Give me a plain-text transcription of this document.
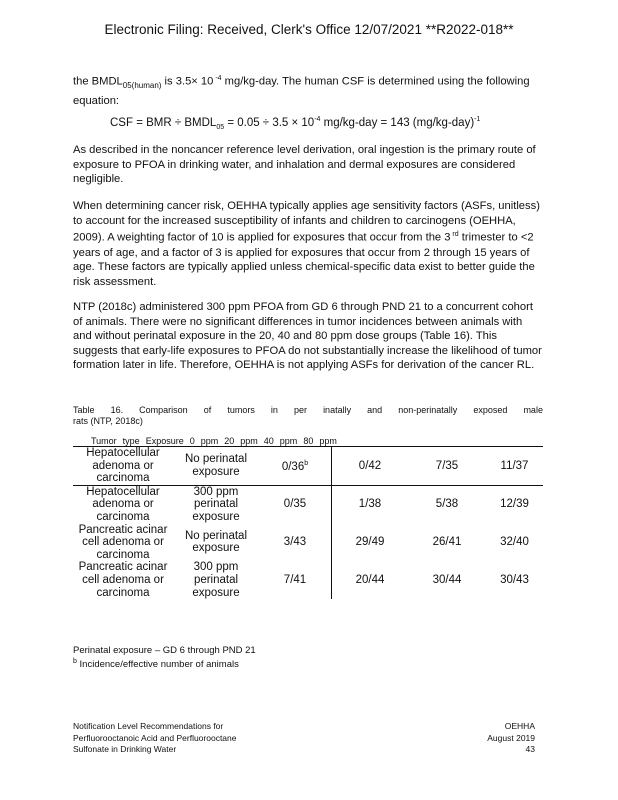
Electronic Filing: Received, Clerk's Office 12/07/2021 **R2022-018**
the $BMDL_{05(human)}$ is 3.5× 10 $^{-4}$ mg/kg-day. The human CSF is determined using the following equation:
CSF = BMR ÷ $BMDL_{05} = 0.05 \div 3.5 \times 10^{-4}$ mg/kg-day = 143 $(mg/kg-day)^{-1}$
As described in the noncancer reference level derivation, oral ingestion is the primary route of exposure to PFOA in drinking water, and inhalation and dermal exposures are considered negligible.
When determining cancer risk, OEHHA typically applies age sensitivity factors (ASFs, unitless) to account for the increased susceptibility of infants and children to carcinogens (OEHHA, 2009). A weighting factor of 10 is applied for exposures that occur from the 3 $^{rd}$ trimester to <2 years of age, and a factor of 3 is applied for exposures that occur from 2 through 15 years of age. These factors are typically applied unless chemical-specific data exist to better guide the risk assessment.
NTP (2018c) administered 300 ppm PFOA from GD 6 through PND 21 to a concurrent cohort of animals. There were no significant differences in tumor incidences between animals with and without perinatal exposure in the 20, 40 and 80 ppm dose groups (Table 16). This suggests that early-life exposures to PFOA do not substantially increase the likelihood of tumor formation later in life. Therefore, OEHHA is not applying ASFs for derivation of the cancer RL.
Table 16. Comparison of tumors in per inatally and non-perinatally exposed male
rats (NTP, 2018c)
Tumor type Exposure 0 ppm 20 ppm 40 ppm 80 ppm
Hepatocellular adenoma or carcinoma	No perinatal exposure	0/36$^b$	0/42	7/35	11/37
Hepatocellular adenoma or carcinoma	300 ppm perinatal exposure	0/35	1/38	5/38	12/39
Pancreatic acinar cell adenoma or carcinoma	No perinatal exposure	3/43	29/49	26/41	32/40
Pancreatic acinar cell adenoma or carcinoma	300 ppm perinatal exposure	7/41	20/44	30/44	30/43
Perinatal exposure – GD 6 through PND 21
$^b$ Incidence/effective number of animals
Notification Level Recommendations for	OEHHA
Perfluorooctanoic Acid and Perfluorooctane	August 2019
Sulfonate in Drinking Water	43
